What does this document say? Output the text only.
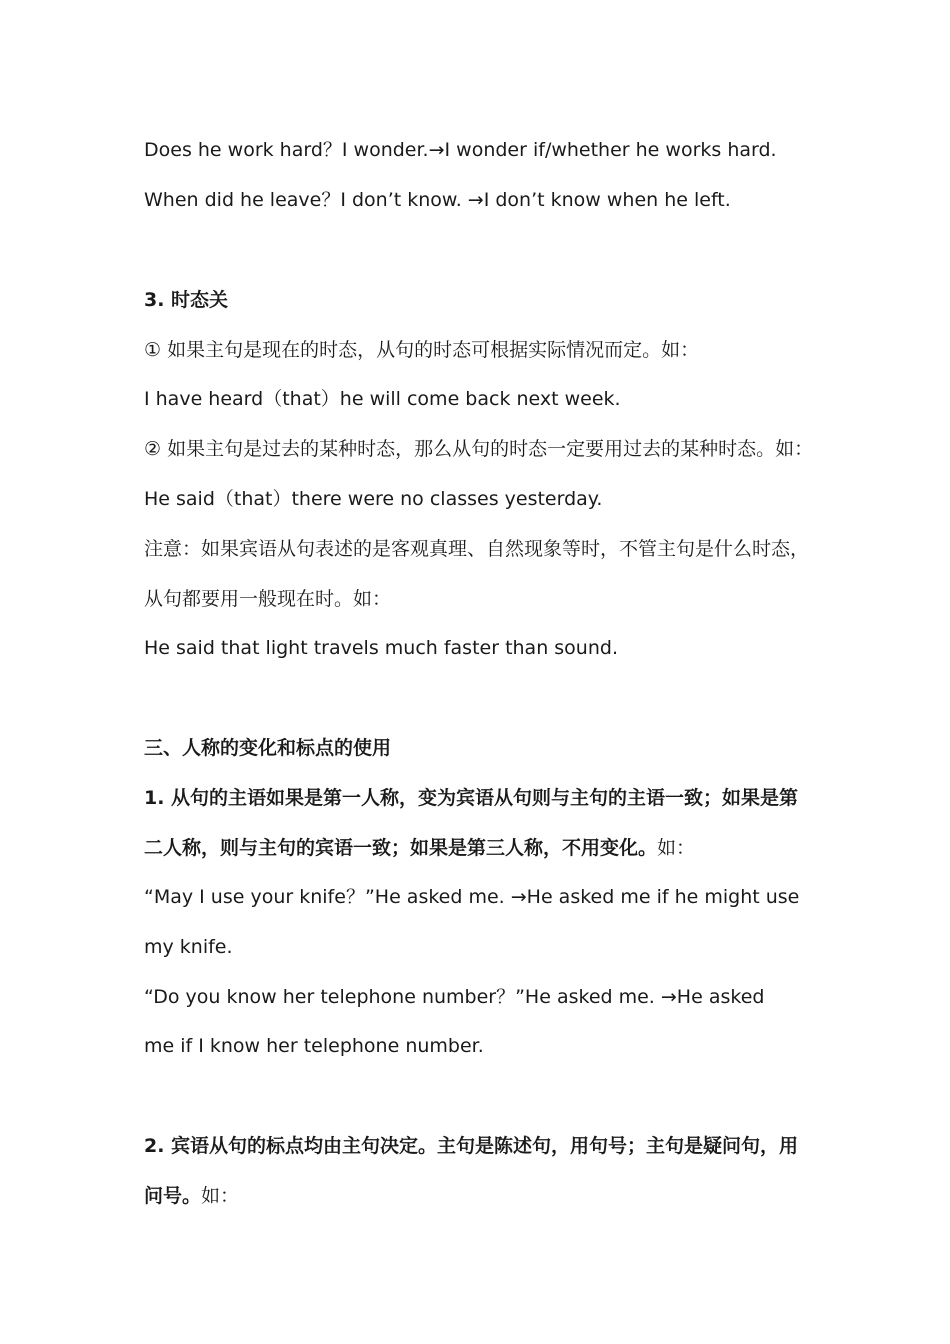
Does he work hard？I wonder.→I wonder if/whether he works hard.
When did he leave？I don’t know. →I don’t know when he left.
3. 时态关
① 如果主句是现在的时态，从句的时态可根据实际情况而定。如：
I have heard（that）he will come back next week.
② 如果主句是过去的某种时态，那么从句的时态一定要用过去的某种时态。如：
He said（that）there were no classes yesterday.
注意：如果宾语从句表述的是客观真理、自然现象等时，不管主句是什么时态，
从句都要用一般现在时。如：
He said that light travels much faster than sound.
三、人称的变化和标点的使用
1. 从句的主语如果是第一人称，变为宾语从句则与主句的主语一致；如果是第
二人称，则与主句的宾语一致；如果是第三人称，不用变化。如：
“May I use your knife？”He asked me. →He asked me if he might use
my knife.
“Do you know her telephone number？”He asked me. →He asked
me if I know her telephone number.
2. 宾语从句的标点均由主句决定。主句是陈述句，用句号；主句是疑问句，用
问号。如：
